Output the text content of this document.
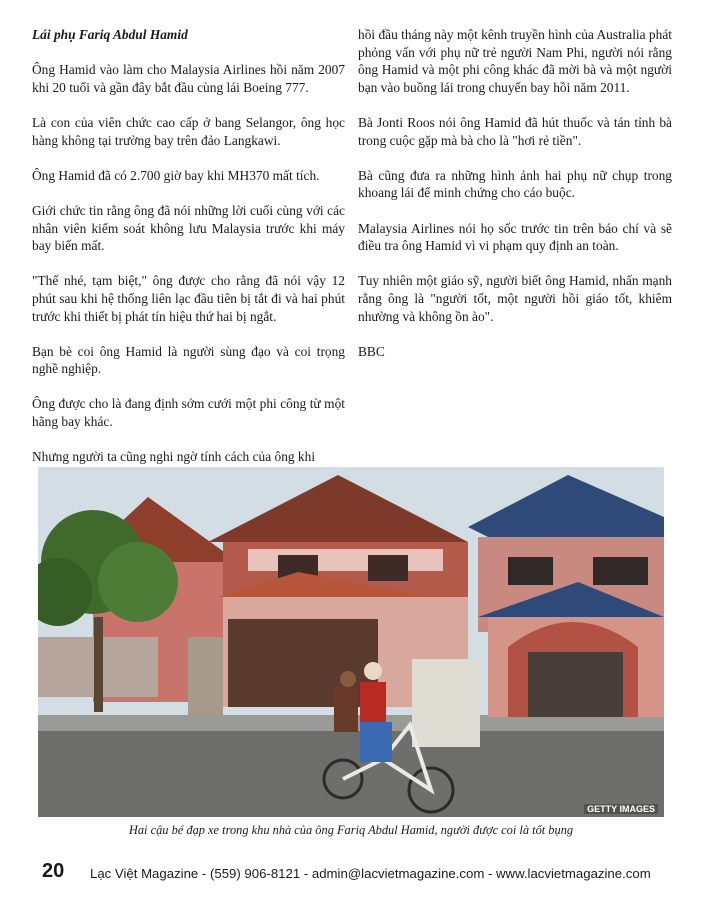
Lái phụ Fariq Abdul Hamid

Ông Hamid vào làm cho Malaysia Airlines hồi năm 2007 khi 20 tuổi và gần đây bắt đầu cùng lái Boeing 777.

Là con của viên chức cao cấp ở bang Selangor, ông học hàng không tại trường bay trên đảo Langkawi.

Ông Hamid đã có 2.700 giờ bay khi MH370 mất tích.

Giới chức tin rằng ông đã nói những lời cuối cùng với các nhân viên kiểm soát không lưu Malaysia trước khi máy bay biến mất.

"Thế nhé, tạm biệt," ông được cho rằng đã nói vậy 12 phút sau khi hệ thống liên lạc đầu tiên bị tắt đi và hai phút trước khi thiết bị phát tín hiệu thứ hai bị ngắt.

Bạn bè coi ông Hamid là người sùng đạo và coi trọng nghề nghiệp.

Ông được cho là đang định sớm cưới một phi công từ một hãng bay khác.

Nhưng người ta cũng nghi ngờ tính cách của ông khi

hồi đầu tháng này một kênh truyền hình của Australia phát phỏng vấn với phụ nữ trẻ người Nam Phi, người nói rằng ông Hamid và một phi công khác đã mời bà và một người bạn vào buồng lái trong chuyến bay hồi năm 2011.

Bà Jonti Roos nói ông Hamid đã hút thuốc và tán tỉnh bà trong cuộc gặp mà bà cho là "hơi rẻ tiền".

Bà cũng đưa ra những hình ảnh hai phụ nữ chụp trong khoang lái để minh chứng cho cáo buộc.

Malaysia Airlines nói họ sốc trước tin trên báo chí và sẽ điều tra ông Hamid vì vi phạm quy định an toàn.

Tuy nhiên một giáo sỹ, người biết ông Hamid, nhấn mạnh rằng ông là "người tốt, một người hồi giáo tốt, khiêm nhường và không ồn ào".

BBC

GETTY IMAGES
Hai cậu bé đạp xe trong khu nhà của ông Fariq Abdul Hamid, người được coi là tốt bụng
20 Lạc Việt Magazine - (559) 906-8121 - admin@lacvietmagazine.com - www.lacvietmagazine.com
